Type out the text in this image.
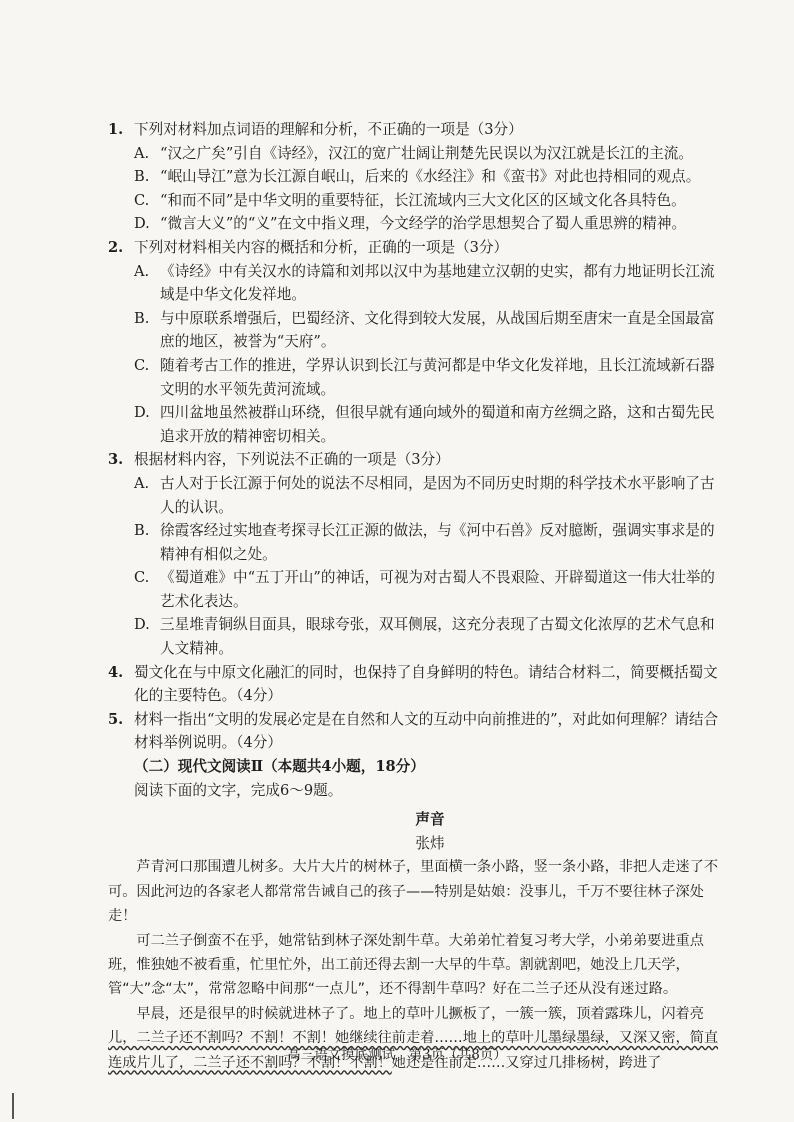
1. 下列对材料加点词语的理解和分析，不正确的一项是（3分）
A. “汉之广矣”引自《诗经》，汉江的宽广壮阔让荆楚先民误以为汉江就是长江的主流。
B. “岷山导江”意为长江源自岷山，后来的《水经注》和《蛮书》对此也持相同的观点。
C. “和而不同”是中华文明的重要特征，长江流域内三大文化区的区域文化各具特色。
D. “微言大义”的“义”在文中指义理，今文经学的治学思想契合了蜀人重思辨的精神。
2. 下列对材料相关内容的概括和分析，正确的一项是（3分）
A. 《诗经》中有关汉水的诗篇和刘邦以汉中为基地建立汉朝的史实，都有力地证明长江流域是中华文化发祥地。
B. 与中原联系增强后，巴蜀经济、文化得到较大发展，从战国后期至唐宋一直是全国最富庶的地区，被誉为“天府”。
C. 随着考古工作的推进，学界认识到长江与黄河都是中华文化发祥地，且长江流域新石器文明的水平领先黄河流域。
D. 四川盆地虽然被群山环绕，但很早就有通向域外的蜀道和南方丝绸之路，这和古蜀先民追求开放的精神密切相关。
3. 根据材料内容，下列说法不正确的一项是（3分）
A. 古人对于长江源于何处的说法不尽相同，是因为不同历史时期的科学技术水平影响了古人的认识。
B. 徐霞客经过实地查考探寻长江正源的做法，与《河中石兽》反对臆断，强调实事求是的精神有相似之处。
C. 《蜀道难》中“五丁开山”的神话，可视为对古蜀人不畏艰险、开辟蜀道这一伟大壮举的艺术化表达。
D. 三星堆青铜纵目面具，眼球夸张，双耳侧展，这充分表现了古蜀文化浓厚的艺术气息和人文精神。
4. 蜀文化在与中原文化融汇的同时，也保持了自身鲜明的特色。请结合材料二，简要概括蜀文化的主要特色。（4分）
5. 材料一指出“文明的发展必定是在自然和人文的互动中向前推进的”，对此如何理解？请结合材料举例说明。（4分）
（二）现代文阅读Ⅱ（本题共4小题，18分）
阅读下面的文字，完成6～9题。
声音
张炜
芦青河口那围遭儿树多。大片大片的树林子，里面横一条小路，竖一条小路，非把人走迷了不可。因此河边的各家老人都常常告诫自己的孩子——特别是姑娘：没事儿，千万不要往林子深处走！
可二兰子倒蛮不在乎，她常钻到林子深处割牛草。大弟弟忙着复习考大学，小弟弟要进重点班，惟独她不被看重，忙里忙外，出工前还得去割一大早的牛草。割就割吧，她没上几天学，管“大”念“太”，常常忽略中间那“一点儿”，还不得割牛草吗？好在二兰子还从没有迷过路。
早晨，还是很早的时候就进林子了。地上的草叶儿撅板了，一簇一簇，顶着露珠儿，闪着亮儿，二兰子还不割吗？不割！不割！她继续往前走着……地上的草叶儿墨绿墨绿，又深又密，简直连成片儿了，二兰子还不割吗？不割！不割！她还是往前走……又穿过几排杨树，跨进了
高三语文摸底测试　第3页（共8页）
